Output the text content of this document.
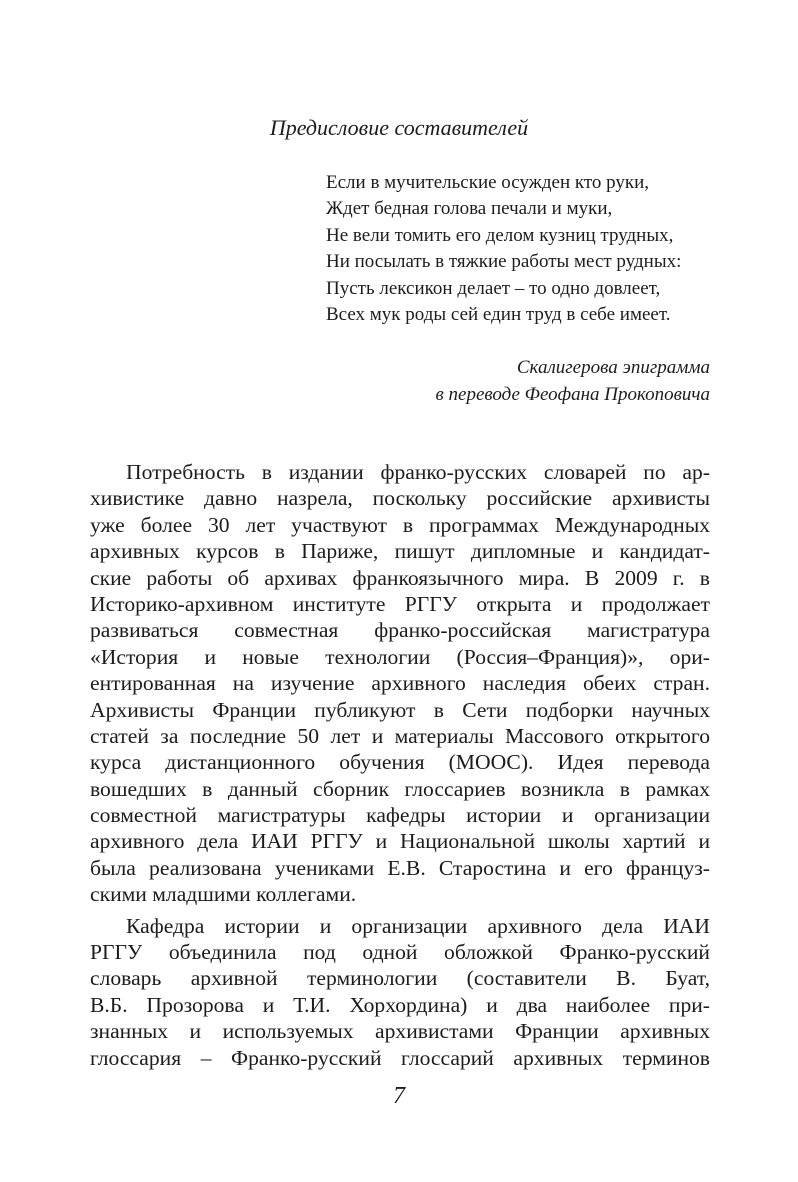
Предисловие составителей
Если в мучительские осужден кто руки,
Ждет бедная голова печали и муки,
Не вели томить его делом кузниц трудных,
Ни посылать в тяжкие работы мест рудных:
Пусть лексикон делает – то одно довлеет,
Всех мук роды сей един труд в себе имеет.
Скалигерова эпиграмма
в переводе Феофана Прокоповича
Потребность в издании франко-русских словарей по ар-
хивистике давно назрела, поскольку российские архивисты
уже более 30 лет участвуют в программах Международных
архивных курсов в Париже, пишут дипломные и кандидат-
ские работы об архивах франкоязычного мира. В 2009 г. в
Историко-архивном институте РГГУ открыта и продолжает
развиваться совместная франко-российская магистратура
«История и новые технологии (Россия–Франция)», ори-
ентированная на изучение архивного наследия обеих стран.
Архивисты Франции публикуют в Сети подборки научных
статей за последние 50 лет и материалы Массового открытого
курса дистанционного обучения (МООС). Идея перевода
вошедших в данный сборник глоссариев возникла в рамках
совместной магистратуры кафедры истории и организации
архивного дела ИАИ РГГУ и Национальной школы хартий и
была реализована учениками Е.В. Старостина и его француз-
скими младшими коллегами.
Кафедра истории и организации архивного дела ИАИ
РГГУ объединила под одной обложкой Франко-русский
словарь архивной терминологии (составители В. Буат,
В.Б. Прозорова и Т.И. Хорхордина) и два наиболее при-
знанных и используемых архивистами Франции архивных
глоссария – Франко-русский глоссарий архивных терминов
7
